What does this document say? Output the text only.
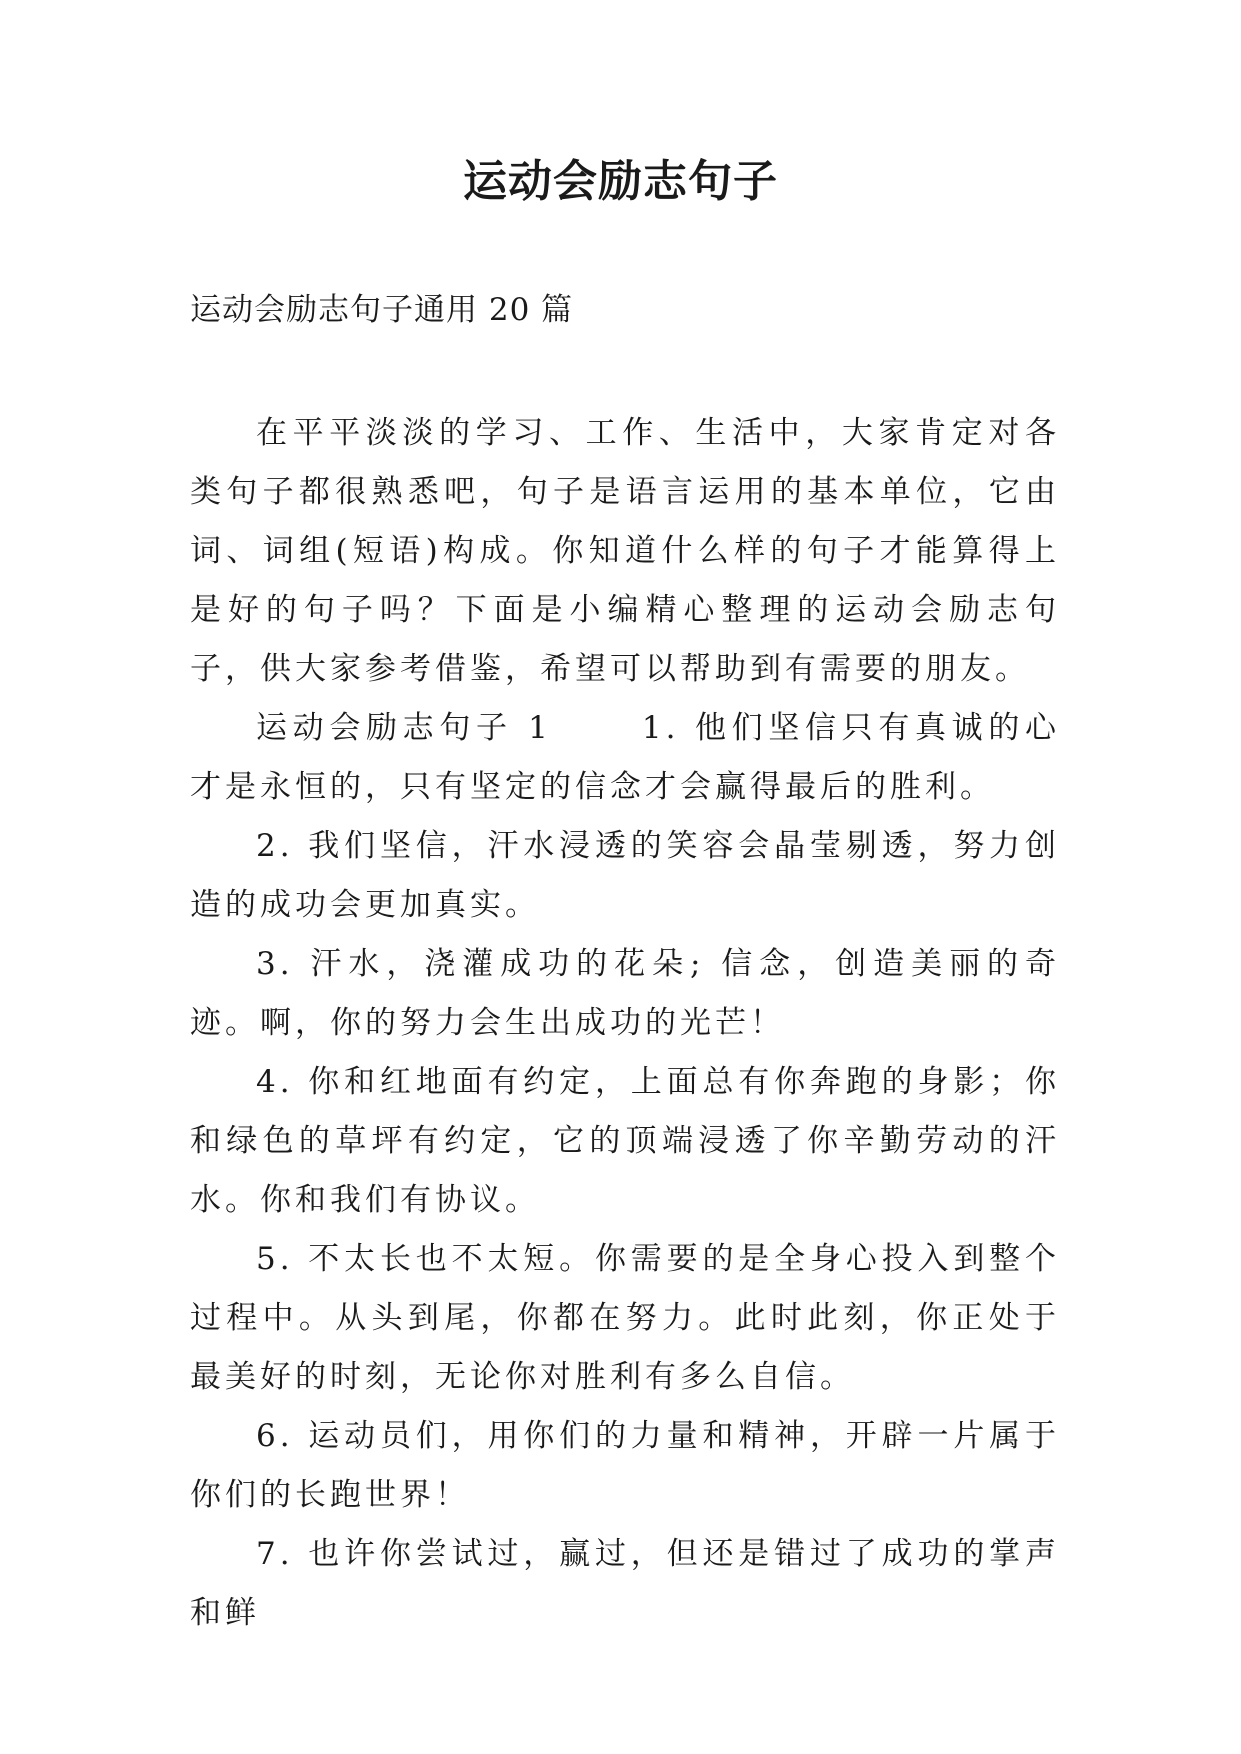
运动会励志句子
运动会励志句子通用 20 篇

在平平淡淡的学习、工作、生活中，大家肯定对各类句子都很熟悉吧，句子是语言运用的基本单位，它由词、词组(短语)构成。你知道什么样的句子才能算得上是好的句子吗？下面是小编精心整理的运动会励志句子，供大家参考借鉴，希望可以帮助到有需要的朋友。

运动会励志句子 1	1. 他们坚信只有真诚的心才是永恒的，只有坚定的信念才会赢得最后的胜利。

2. 我们坚信，汗水浸透的笑容会晶莹剔透，努力创造的成功会更加真实。

3. 汗水，浇灌成功的花朵; 信念，创造美丽的奇迹。啊，你的努力会生出成功的光芒！

4. 你和红地面有约定，上面总有你奔跑的身影；你和绿色的草坪有约定，它的顶端浸透了你辛勤劳动的汗水。你和我们有协议。

5. 不太长也不太短。你需要的是全身心投入到整个过程中。从头到尾，你都在努力。此时此刻，你正处于最美好的时刻，无论你对胜利有多么自信。

6. 运动员们，用你们的力量和精神，开辟一片属于你们的长跑世界！

7. 也许你尝试过，赢过，但还是错过了成功的掌声和鲜
